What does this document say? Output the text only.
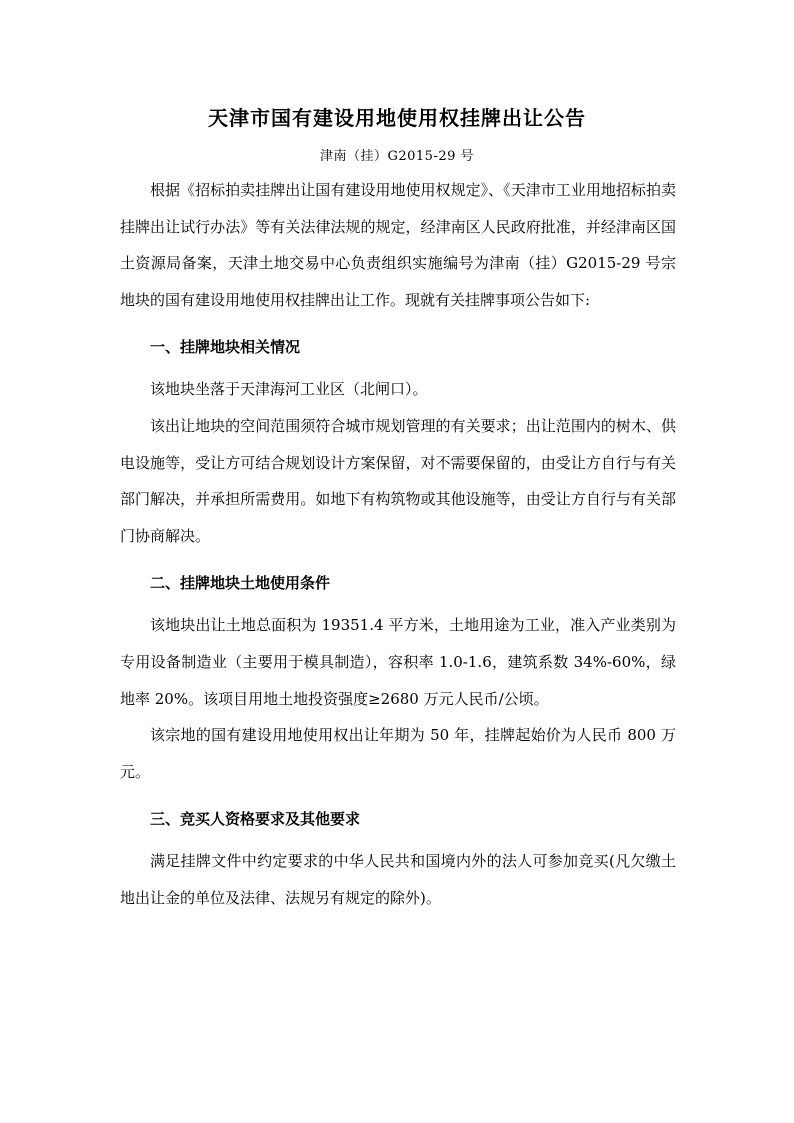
天津市国有建设用地使用权挂牌出让公告
津南（挂）G2015-29 号

根据《招标拍卖挂牌出让国有建设用地使用权规定》、《天津市工业用地招标拍卖挂牌出让试行办法》等有关法律法规的规定，经津南区人民政府批准，并经津南区国土资源局备案，天津土地交易中心负责组织实施编号为津南（挂）G2015-29 号宗地块的国有建设用地使用权挂牌出让工作。现就有关挂牌事项公告如下:

一、挂牌地块相关情况

该地块坐落于天津海河工业区（北闸口）。

该出让地块的空间范围须符合城市规划管理的有关要求；出让范围内的树木、供电设施等，受让方可结合规划设计方案保留，对不需要保留的，由受让方自行与有关部门解决，并承担所需费用。如地下有构筑物或其他设施等，由受让方自行与有关部门协商解决。

二、挂牌地块土地使用条件

该地块出让土地总面积为 19351.4 平方米，土地用途为工业，准入产业类别为专用设备制造业（主要用于模具制造），容积率 1.0-1.6，建筑系数 34%-60%，绿地率 20%。该项目用地土地投资强度≥2680 万元人民币/公顷。

该宗地的国有建设用地使用权出让年期为 50 年，挂牌起始价为人民币 800 万元。

三、竞买人资格要求及其他要求

满足挂牌文件中约定要求的中华人民共和国境内外的法人可参加竞买(凡欠缴土地出让金的单位及法律、法规另有规定的除外)。
